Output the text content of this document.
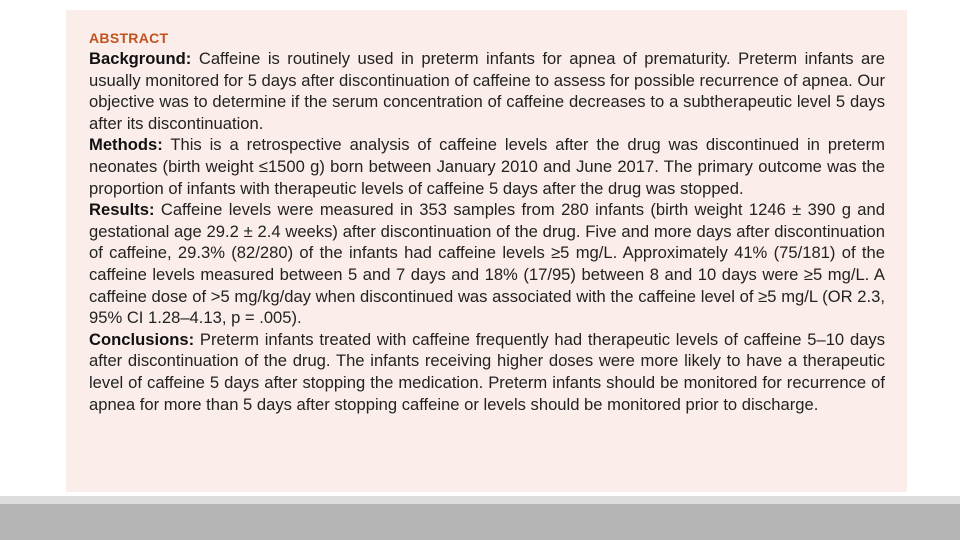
ABSTRACT

Background: Caffeine is routinely used in preterm infants for apnea of prematurity. Preterm infants are usually monitored for 5 days after discontinuation of caffeine to assess for possible recurrence of apnea. Our objective was to determine if the serum concentration of caffeine decreases to a subtherapeutic level 5 days after its discontinuation.

Methods: This is a retrospective analysis of caffeine levels after the drug was discontinued in preterm neonates (birth weight ≤1500 g) born between January 2010 and June 2017. The primary outcome was the proportion of infants with therapeutic levels of caffeine 5 days after the drug was stopped.

Results: Caffeine levels were measured in 353 samples from 280 infants (birth weight 1246 ± 390 g and gestational age 29.2 ± 2.4 weeks) after discontinuation of the drug. Five and more days after discontinuation of caffeine, 29.3% (82/280) of the infants had caffeine levels ≥5 mg/L. Approximately 41% (75/181) of the caffeine levels measured between 5 and 7 days and 18% (17/95) between 8 and 10 days were ≥5 mg/L. A caffeine dose of >5 mg/kg/day when discontinued was associated with the caffeine level of ≥5 mg/L (OR 2.3, 95% CI 1.28–4.13, p = .005).

Conclusions: Preterm infants treated with caffeine frequently had therapeutic levels of caffeine 5–10 days after discontinuation of the drug. The infants receiving higher doses were more likely to have a therapeutic level of caffeine 5 days after stopping the medication. Preterm infants should be monitored for recurrence of apnea for more than 5 days after stopping caffeine or levels should be monitored prior to discharge.
